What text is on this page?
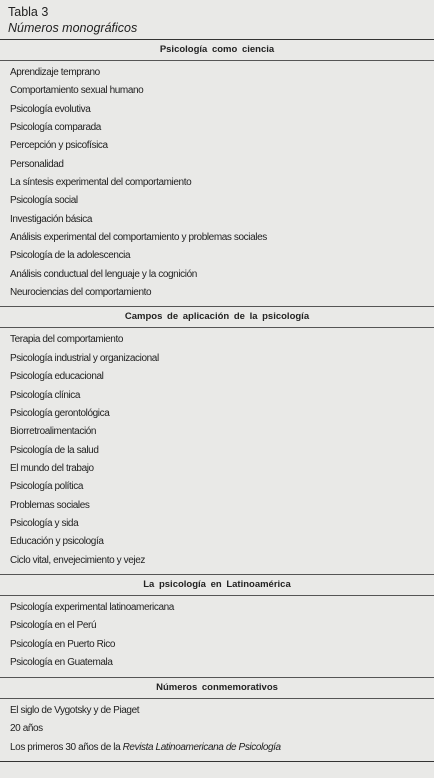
Tabla 3
Números monográficos
Psicología como ciencia
Aprendizaje temprano
Comportamiento sexual humano
Psicología evolutiva
Psicología comparada
Percepción y psicofísica
Personalidad
La síntesis experimental del comportamiento
Psicología social
Investigación básica
Análisis experimental del comportamiento y problemas sociales
Psicología de la adolescencia
Análisis conductual del lenguaje y la cognición
Neurociencias del comportamiento
Campos de aplicación de la psicología
Terapia del comportamiento
Psicología industrial y organizacional
Psicología educacional
Psicología clínica
Psicología gerontológica
Biorretroalimentación
Psicología de la salud
El mundo del trabajo
Psicología política
Problemas sociales
Psicología y sida
Educación y psicología
Ciclo vital, envejecimiento y vejez
La psicología en Latinoamérica
Psicología experimental latinoamericana
Psicología en el Perú
Psicología en Puerto Rico
Psicología en Guatemala
Números conmemorativos
El siglo de Vygotsky y de Piaget
20 años
Los primeros 30 años de la Revista Latinoamericana de Psicología
